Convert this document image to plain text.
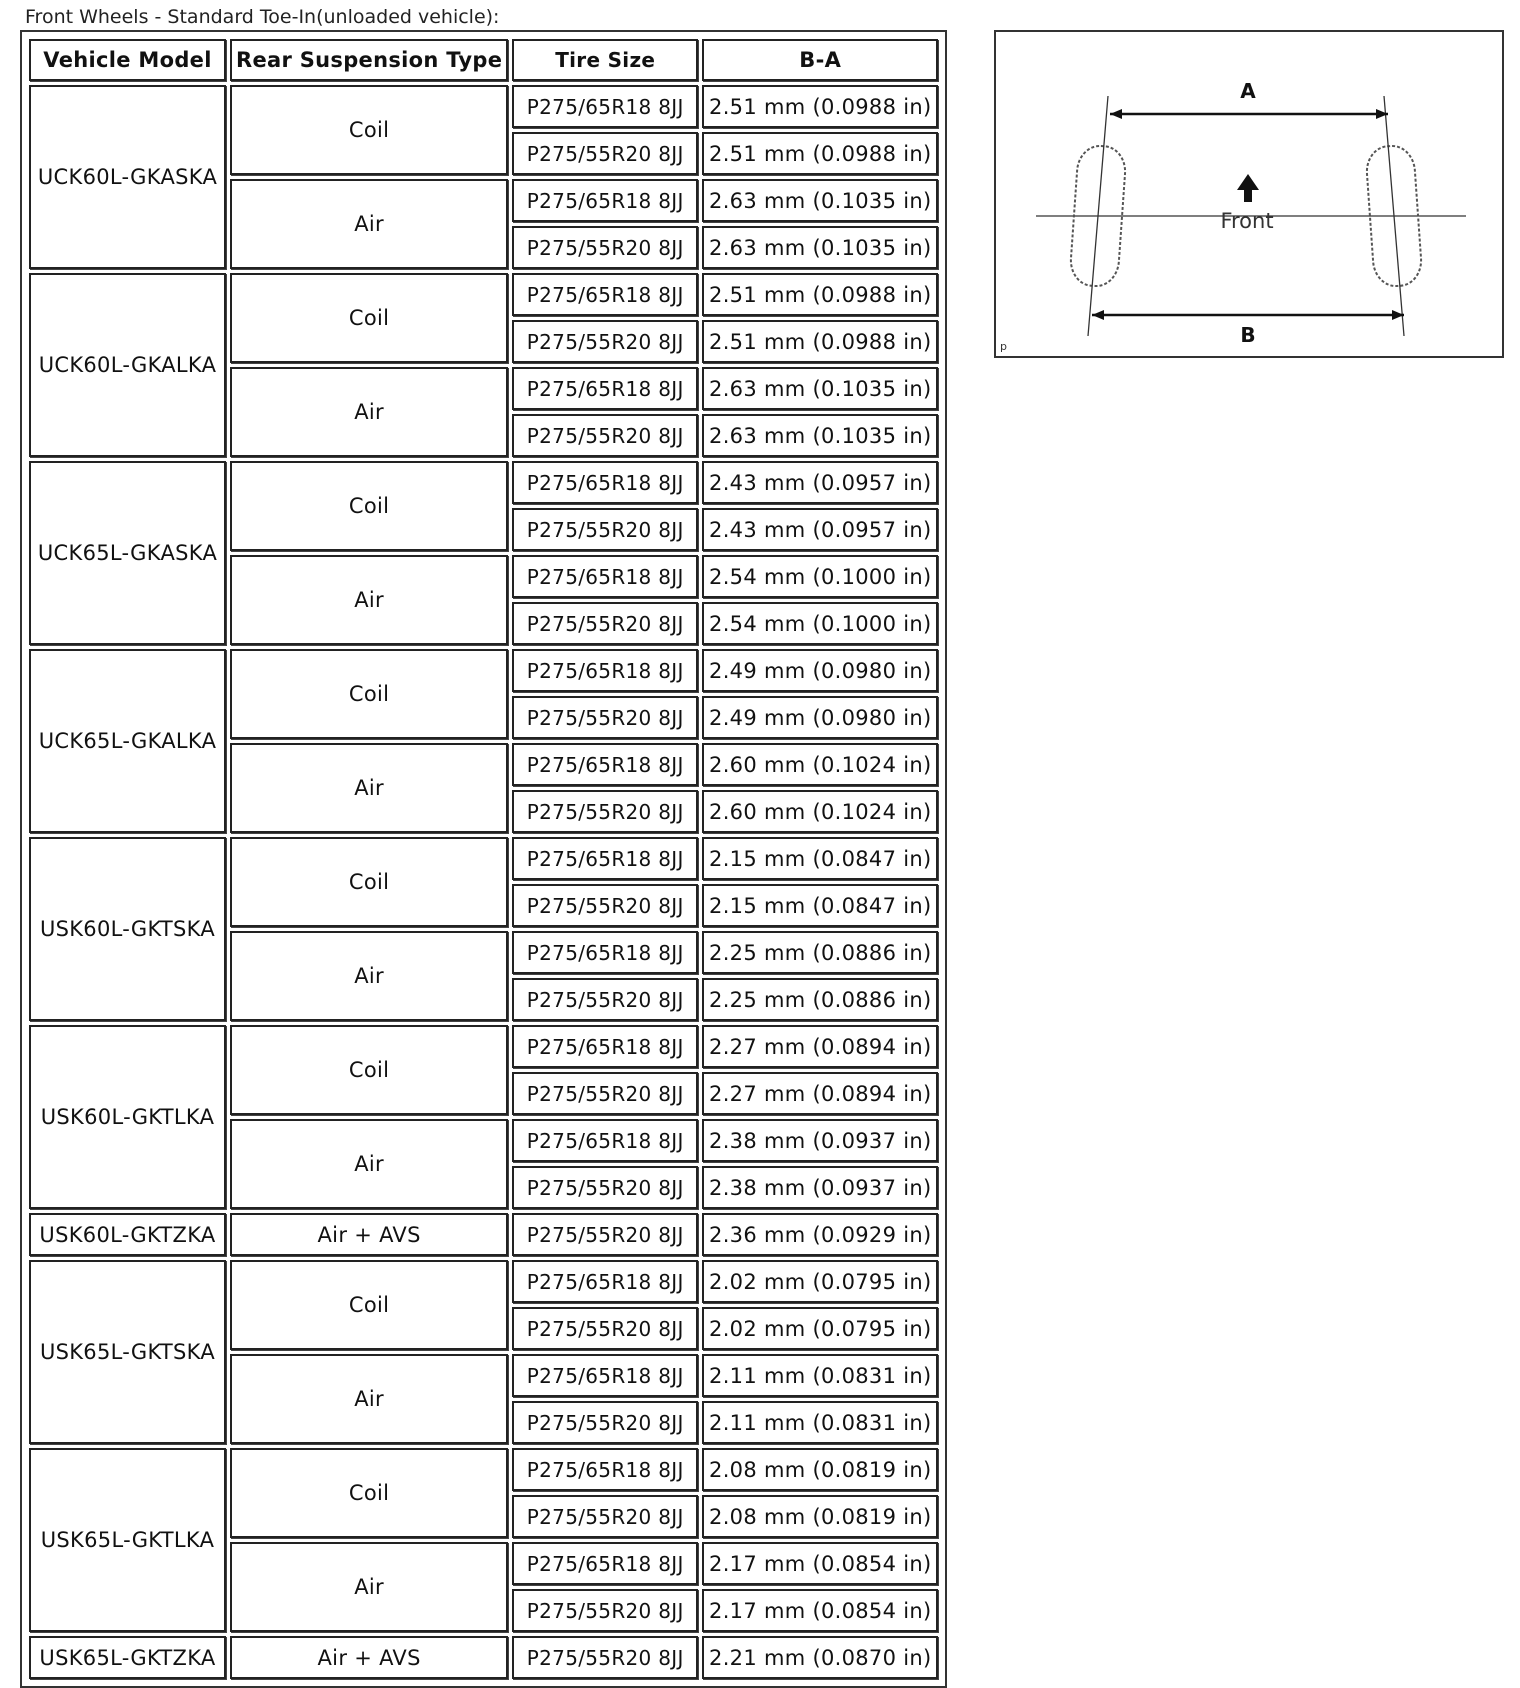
Front Wheels - Standard Toe-In(unloaded vehicle):
Vehicle Model	Rear Suspension Type	Tire Size	B-A
UCK60L-GKASKA	Coil	P275/65R18 8JJ	2.51 mm (0.0988 in)
		P275/55R20 8JJ	2.51 mm (0.0988 in)
	Air	P275/65R18 8JJ	2.63 mm (0.1035 in)
		P275/55R20 8JJ	2.63 mm (0.1035 in)
UCK60L-GKALKA	Coil	P275/65R18 8JJ	2.51 mm (0.0988 in)
		P275/55R20 8JJ	2.51 mm (0.0988 in)
	Air	P275/65R18 8JJ	2.63 mm (0.1035 in)
		P275/55R20 8JJ	2.63 mm (0.1035 in)
UCK65L-GKASKA	Coil	P275/65R18 8JJ	2.43 mm (0.0957 in)
		P275/55R20 8JJ	2.43 mm (0.0957 in)
	Air	P275/65R18 8JJ	2.54 mm (0.1000 in)
		P275/55R20 8JJ	2.54 mm (0.1000 in)
UCK65L-GKALKA	Coil	P275/65R18 8JJ	2.49 mm (0.0980 in)
		P275/55R20 8JJ	2.49 mm (0.0980 in)
	Air	P275/65R18 8JJ	2.60 mm (0.1024 in)
		P275/55R20 8JJ	2.60 mm (0.1024 in)
USK60L-GKTSKA	Coil	P275/65R18 8JJ	2.15 mm (0.0847 in)
		P275/55R20 8JJ	2.15 mm (0.0847 in)
	Air	P275/65R18 8JJ	2.25 mm (0.0886 in)
		P275/55R20 8JJ	2.25 mm (0.0886 in)
USK60L-GKTLKA	Coil	P275/65R18 8JJ	2.27 mm (0.0894 in)
		P275/55R20 8JJ	2.27 mm (0.0894 in)
	Air	P275/65R18 8JJ	2.38 mm (0.0937 in)
		P275/55R20 8JJ	2.38 mm (0.0937 in)
USK60L-GKTZKA	Air + AVS	P275/55R20 8JJ	2.36 mm (0.0929 in)
USK65L-GKTSKA	Coil	P275/65R18 8JJ	2.02 mm (0.0795 in)
		P275/55R20 8JJ	2.02 mm (0.0795 in)
	Air	P275/65R18 8JJ	2.11 mm (0.0831 in)
		P275/55R20 8JJ	2.11 mm (0.0831 in)
USK65L-GKTLKA	Coil	P275/65R18 8JJ	2.08 mm (0.0819 in)
		P275/55R20 8JJ	2.08 mm (0.0819 in)
	Air	P275/65R18 8JJ	2.17 mm (0.0854 in)
		P275/55R20 8JJ	2.17 mm (0.0854 in)
USK65L-GKTZKA	Air + AVS	P275/55R20 8JJ	2.21 mm (0.0870 in)
A
B
Front
p
